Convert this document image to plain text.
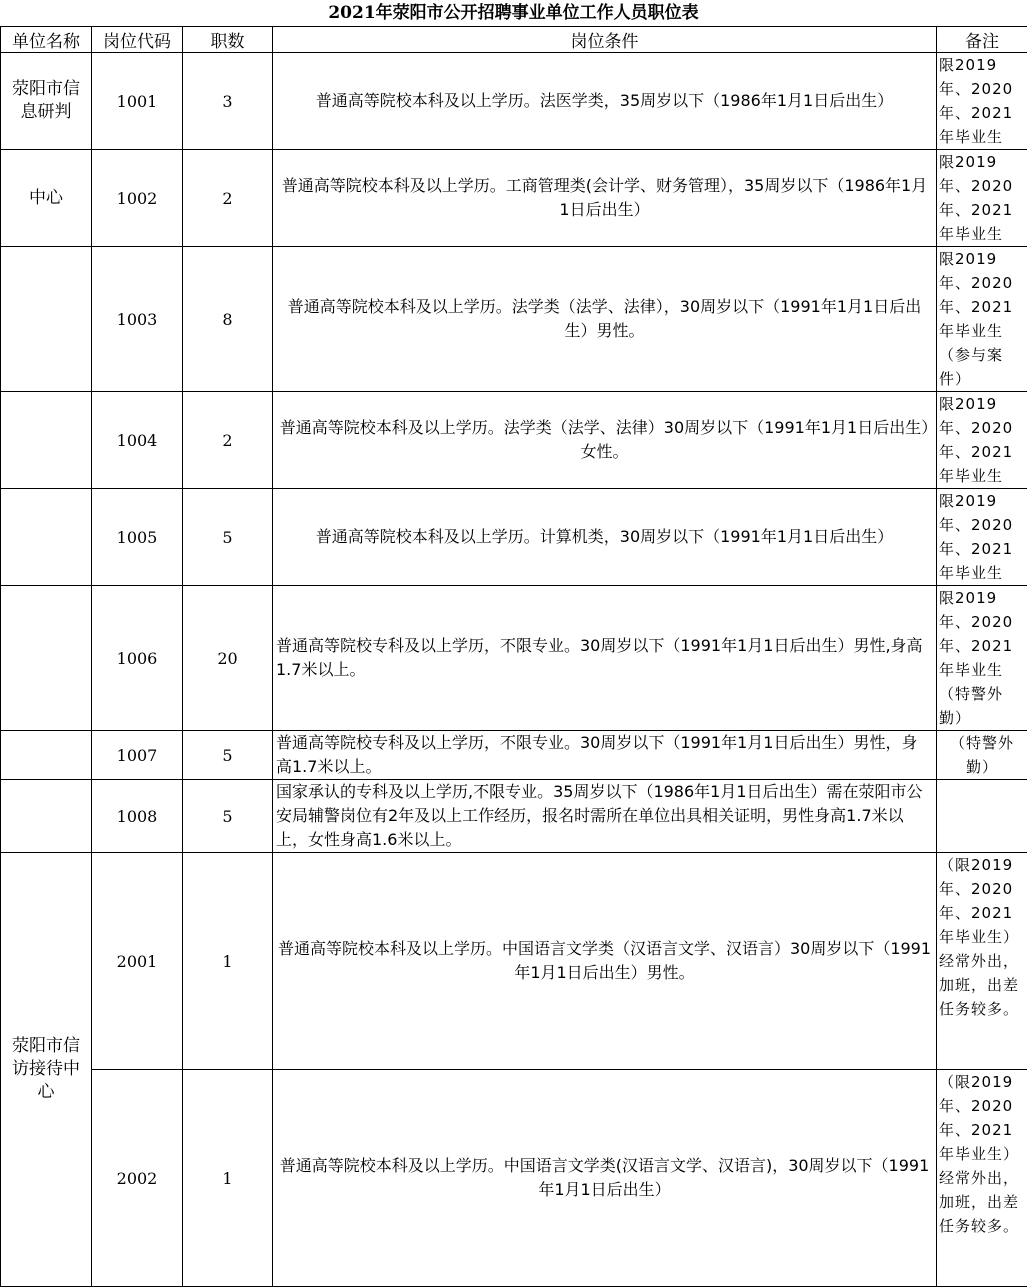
2021年荥阳市公开招聘事业单位工作人员职位表
单位名称	岗位代码	职数	岗位条件	备注
荥阳市信息研判	1001	3	普通高等院校本科及以上学历。法医学类，35周岁以下（1986年1月1日后出生）	限2019年、2020年、2021年毕业生
中心	1002	2	普通高等院校本科及以上学历。工商管理类(会计学、财务管理），35周岁以下（1986年1月1日后出生）	限2019年、2020年、2021年毕业生
	1003	8	普通高等院校本科及以上学历。法学类（法学、法律），30周岁以下（1991年1月1日后出生）男性。	限2019年、2020年、2021年毕业生（参与案件）
	1004	2	普通高等院校本科及以上学历。法学类（法学、法律）30周岁以下（1991年1月1日后出生）女性。	限2019年、2020年、2021年毕业生
	1005	5	普通高等院校本科及以上学历。计算机类，30周岁以下（1991年1月1日后出生）	限2019年、2020年、2021年毕业生
	1006	20	普通高等院校专科及以上学历，不限专业。30周岁以下（1991年1月1日后出生）男性,身高1.7米以上。	限2019年、2020年、2021年毕业生（特警外勤）
	1007	5	普通高等院校专科及以上学历，不限专业。30周岁以下（1991年1月1日后出生）男性，身高1.7米以上。	（特警外勤）
	1008	5	国家承认的专科及以上学历,不限专业。35周岁以下（1986年1月1日后出生）需在荥阳市公安局辅警岗位有2年及以上工作经历，报名时需所在单位出具相关证明，男性身高1.7米以上，女性身高1.6米以上。	
荥阳市信访接待中心	2001	1	普通高等院校本科及以上学历。中国语言文学类（汉语言文学、汉语言）30周岁以下（1991年1月1日后出生）男性。	（限2019年、2020年、2021年毕业生）经常外出，加班，出差任务较多。
	2002	1	普通高等院校本科及以上学历。中国语言文学类(汉语言文学、汉语言)，30周岁以下（1991年1月1日后出生）	（限2019年、2020年、2021年毕业生）经常外出，加班，出差任务较多。
